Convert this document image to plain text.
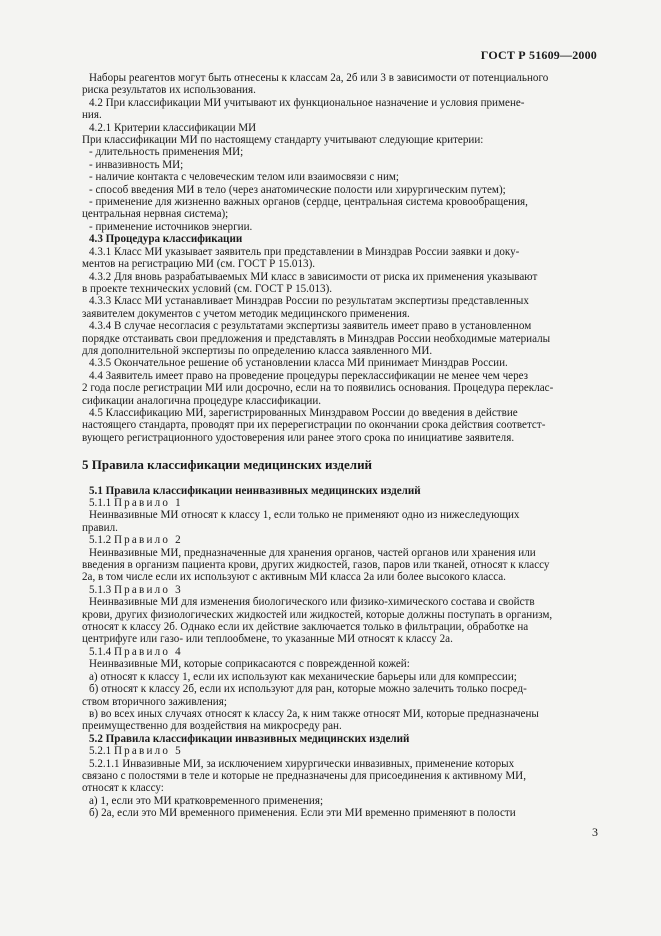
ГОСТ Р 51609—2000

Наборы реагентов могут быть отнесены к классам 2а, 2б или 3 в зависимости от потенциального

риска результатов их использования.

4.2 При классификации МИ учитывают их функциональное назначение и условия примене-

ния.

4.2.1 Критерии классификации МИ

При классификации МИ по настоящему стандарту учитывают следующие критерии:

- длительность применения МИ;

- инвазивность МИ;

- наличие контакта с человеческим телом или взаимосвязи с ним;

- способ введения МИ в тело (через анатомические полости или хирургическим путем);

- применение для жизненно важных органов (сердце, центральная система кровообращения,

центральная нервная система);

- применение источников энергии.

4.3 Процедура классификации

4.3.1 Класс МИ указывает заявитель при представлении в Минздрав России заявки и доку-

ментов на регистрацию МИ (см. ГОСТ Р 15.013).

4.3.2 Для вновь разрабатываемых МИ класс в зависимости от риска их применения указывают

в проекте технических условий (см. ГОСТ Р 15.013).

4.3.3 Класс МИ устанавливает Минздрав России по результатам экспертизы представленных

заявителем документов с учетом методик медицинского применения.

4.3.4 В случае несогласия с результатами экспертизы заявитель имеет право в установленном

порядке отстаивать свои предложения и представлять в Минздрав России необходимые материалы

для дополнительной экспертизы по определению класса заявленного МИ.

4.3.5 Окончательное решение об установлении класса МИ принимает Минздрав России.

4.4 Заявитель имеет право на проведение процедуры переклассификации не менее чем через

2 года после регистрации МИ или досрочно, если на то появились основания. Процедура переклас-

сификации аналогична процедуре классификации.

4.5 Классификацию МИ, зарегистрированных Минздравом России до введения в действие

настоящего стандарта, проводят при их перерегистрации по окончании срока действия соответст-

вующего регистрационного удостоверения или ранее этого срока по инициативе заявителя.

5 Правила классификации медицинских изделий

5.1 Правила классификации неинвазивных медицинских изделий

5.1.1 Правило 1

Неинвазивные МИ относят к классу 1, если только не применяют одно из нижеследующих

правил.

5.1.2 Правило 2

Неинвазивные МИ, предназначенные для хранения органов, частей органов или хранения или

введения в организм пациента крови, других жидкостей, газов, паров или тканей, относят к классу

2а, в том числе если их используют с активным МИ класса 2а или более высокого класса.

5.1.3 Правило 3

Неинвазивные МИ для изменения биологического или физико-химического состава и свойств

крови, других физиологических жидкостей или жидкостей, которые должны поступать в организм,

относят к классу 2б. Однако если их действие заключается только в фильтрации, обработке на

центрифуге или газо- или теплообмене, то указанные МИ относят к классу 2а.

5.1.4 Правило 4

Неинвазивные МИ, которые соприкасаются с поврежденной кожей:

а) относят к классу 1, если их используют как механические барьеры или для компрессии;

б) относят к классу 2б, если их используют для ран, которые можно залечить только посред-

ством вторичного заживления;

в) во всех иных случаях относят к классу 2а, к ним также относят МИ, которые предназначены

преимущественно для воздействия на микросреду ран.

5.2 Правила классификации инвазивных медицинских изделий

5.2.1 Правило 5

5.2.1.1 Инвазивные МИ, за исключением хирургически инвазивных, применение которых

связано с полостями в теле и которые не предназначены для присоединения к активному МИ,

относят к классу:

а) 1, если это МИ кратковременного применения;

б) 2а, если это МИ временного применения. Если эти МИ временно применяют в полости

3
